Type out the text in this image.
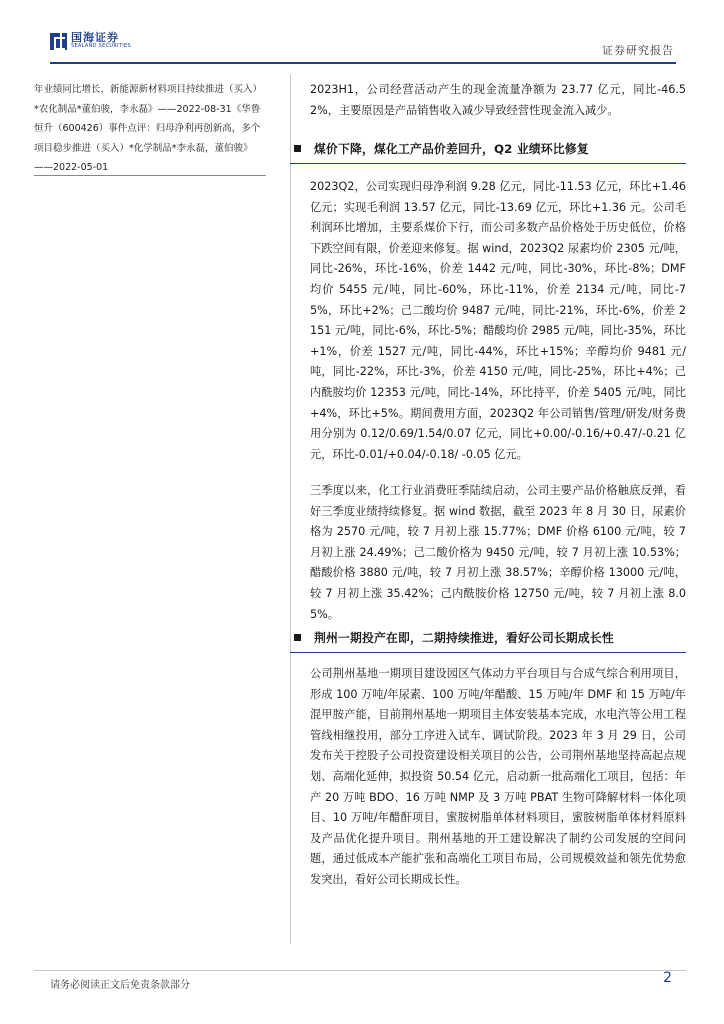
国海证券
SEALAND SECURITIES	证券研究报告
年业绩同比增长，新能源新材料项目持续推进（买入）*农化制品*董伯骏，李永磊》——2022-08-31《华鲁恒升（600426）事件点评：归母净利再创新高，多个项目稳步推进（买入）*化学制品*李永磊，董伯骏》——2022-05-01
2023H1，公司经营活动产生的现金流量净额为 23.77 亿元，同比-46.52%，主要原因是产品销售收入减少导致经营性现金流入减少。
煤价下降，煤化工产品价差回升，Q2 业绩环比修复
2023Q2，公司实现归母净利润 9.28 亿元，同比-11.53 亿元，环比+1.46 亿元；实现毛利润 13.57 亿元，同比-13.69 亿元，环比+1.36 元。公司毛利润环比增加，主要系煤价下行，而公司多数产品价格处于历史低位，价格下跌空间有限，价差迎来修复。据 wind，2023Q2 尿素均价 2305 元/吨，同比-26%，环比-16%，价差 1442 元/吨，同比-30%，环比-8%；DMF 均价 5455 元/吨，同比-60%，环比-11%，价差 2134 元/吨，同比-75%，环比+2%；己二酸均价 9487 元/吨，同比-21%，环比-6%，价差 2151 元/吨，同比-6%，环比-5%；醋酸均价 2985 元/吨，同比-35%，环比+1%，价差 1527 元/吨，同比-44%，环比+15%；辛醇均价 9481 元/吨，同比-22%，环比-3%，价差 4150 元/吨，同比-25%，环比+4%；己内酰胺均价 12353 元/吨，同比-14%，环比持平，价差 5405 元/吨，同比+4%，环比+5%。期间费用方面，2023Q2 年公司销售/管理/研发/财务费用分别为 0.12/0.69/1.54/0.07 亿元，同比+0.00/-0.16/+0.47/-0.21 亿元，环比-0.01/+0.04/-0.18/ -0.05 亿元。
三季度以来，化工行业消费旺季陆续启动，公司主要产品价格触底反弹，看好三季度业绩持续修复。据 wind 数据，截至 2023 年 8 月 30 日，尿素价格为 2570 元/吨，较 7 月初上涨 15.77%；DMF 价格 6100 元/吨，较 7 月初上涨 24.49%；己二酸价格为 9450 元/吨，较 7 月初上涨 10.53%；醋酸价格 3880 元/吨，较 7 月初上涨 38.57%；辛醇价格 13000 元/吨，较 7 月初上涨 35.42%；己内酰胺价格 12750 元/吨，较 7 月初上涨 8.05%。
荆州一期投产在即，二期持续推进，看好公司长期成长性
公司荆州基地一期项目建设园区气体动力平台项目与合成气综合利用项目，形成 100 万吨/年尿素、100 万吨/年醋酸、15 万吨/年 DMF 和 15 万吨/年混甲胺产能，目前荆州基地一期项目主体安装基本完成，水电汽等公用工程管线相继投用，部分工序进入试车、调试阶段。2023 年 3 月 29 日，公司发布关于控股子公司投资建设相关项目的公告，公司荆州基地坚持高起点规划、高端化延伸，拟投资 50.54 亿元，启动新一批高端化工项目，包括：年产 20 万吨 BDO、16 万吨 NMP 及 3 万吨 PBAT 生物可降解材料一体化项目、10 万吨/年醋酐项目，蜜胺树脂单体材料项目，蜜胺树脂单体材料原料及产品优化提升项目。荆州基地的开工建设解决了制约公司发展的空间问题，通过低成本产能扩张和高端化工项目布局，公司规模效益和领先优势愈发突出，看好公司长期成长性。
请务必阅读正文后免责条款部分	2
